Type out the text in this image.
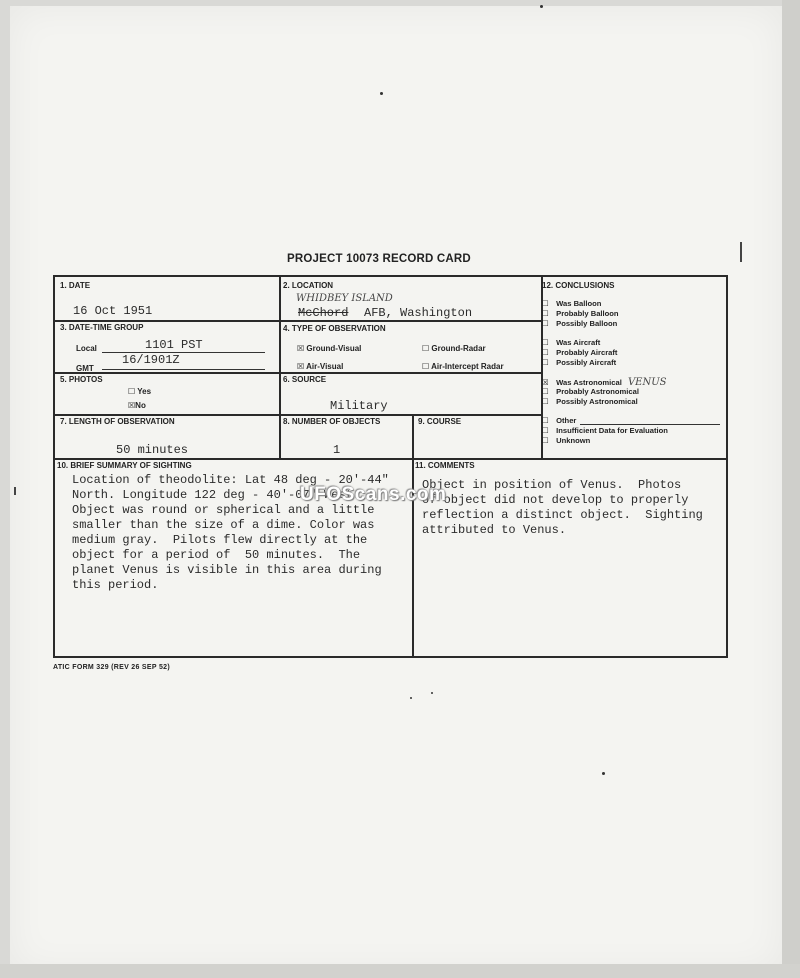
PROJECT 10073 RECORD CARD
1. DATE
16 Oct 1951
2. LOCATION
WHIDBEY ISLAND
McChord AFB, Washington
3. DATE-TIME GROUP
Local	1101 PST
GMT
16/1901Z
4. TYPE OF OBSERVATION
☒ Ground-Visual	☐ Ground-Radar
☒ Air-Visual	☐ Air-Intercept Radar
5. PHOTOS
☐ Yes
☒No
6. SOURCE
Military
7. LENGTH OF OBSERVATION
50 minutes
8. NUMBER OF OBJECTS
1
9. COURSE
10. BRIEF SUMMARY OF SIGHTING
Location of theodolite: Lat 48 deg - 20'-44"
North. Longitude 122 deg - 40'-07" West.
Object was round or spherical and a little
smaller than the size of a dime. Color was
medium gray.  Pilots flew directly at the
object for a period of  50 minutes.  The
planet Venus is visible in this area during
this period.
11. COMMENTS
Object in position of Venus.  Photos
of object did not develop to properly
reflection a distinct object.  Sighting
attributed to Venus.
12. CONCLUSIONS
☐ Was Balloon
☐ Probably Balloon
☐ Possibly Balloon
☐ Was Aircraft
☐ Probably Aircraft
☐ Possibly Aircraft
☒ Was Astronomical VENUS
☐ Probably Astronomical
☐ Possibly Astronomical
☐ Other
☐ Insufficient Data for Evaluation
☐ Unknown
UFOScans.com
ATIC FORM 329 (REV 26 SEP 52)
